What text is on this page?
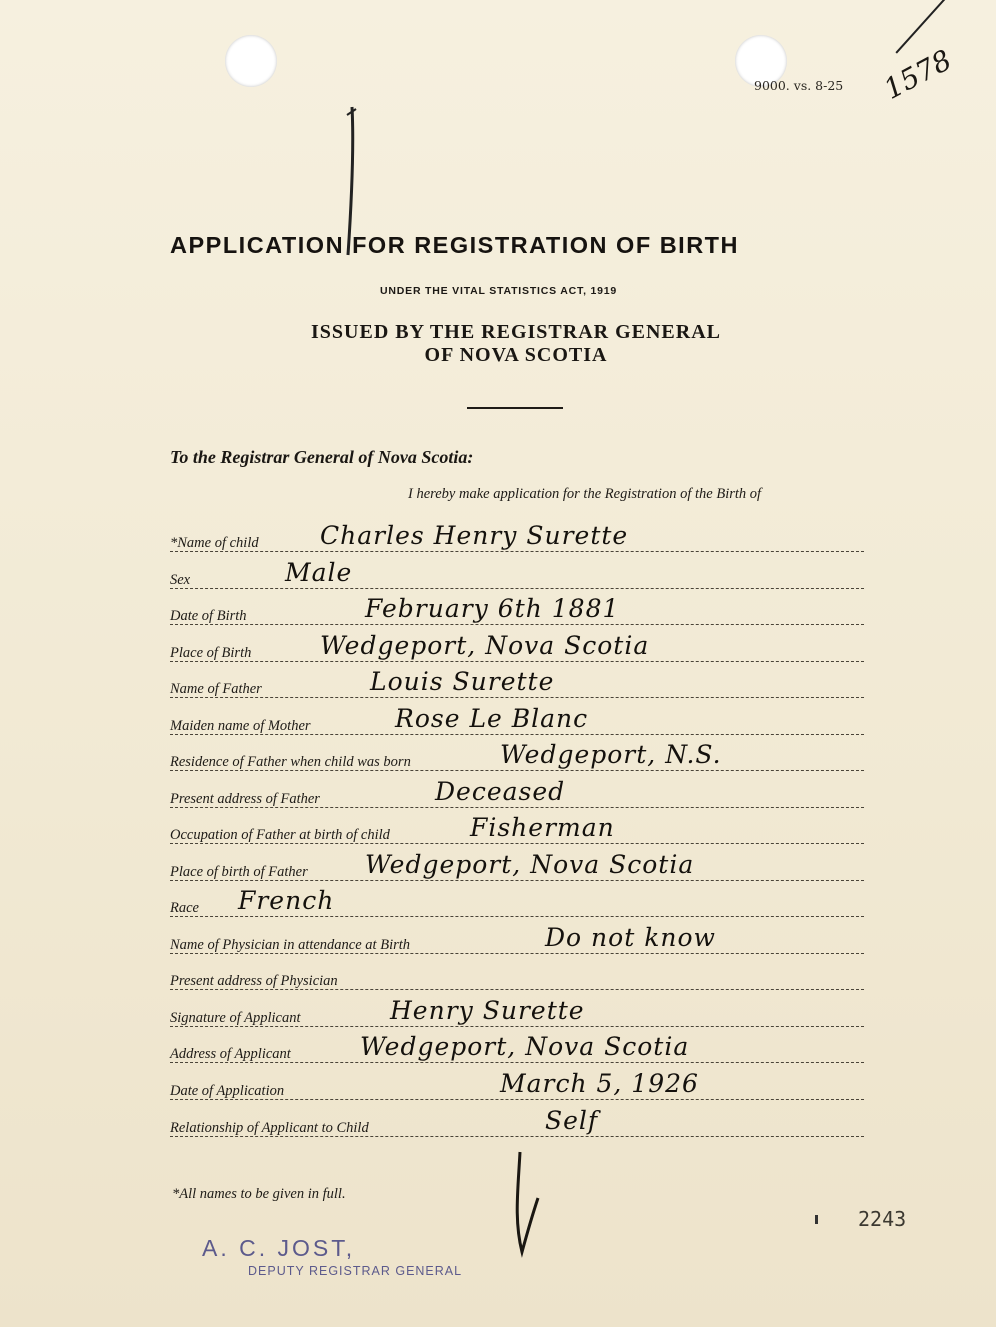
9000. vs. 8-25 1578
APPLICATION FOR REGISTRATION OF BIRTH
UNDER THE VITAL STATISTICS ACT, 1919
ISSUED BY THE REGISTRAR GENERAL
OF NOVA SCOTIA
To the Registrar General of Nova Scotia:
I hereby make application for the Registration of the Birth of
*Name of child Charles Henry Surette
Sex	Male
Date of Birth	February 6th 1881
Place of Birth	Wedgeport, Nova Scotia
Name of Father	Louis Surette
Maiden name of Mother	Rose Le Blanc
Residence of Father when child was born	Wedgeport, N.S.
Present address of Father	Deceased
Occupation of Father at birth of child	Fisherman
Place of birth of Father Wedgeport, Nova Scotia
Race French
Name of Physician in attendance at Birth	Do not know
Present address of Physician
Signature of Applicant	Henry Surette
Address of Applicant	Wedgeport, Nova Scotia
Date of Application	March 5, 1926
Relationship of Applicant to Child	Self
*All names to be given in full.
A. C. JOST,
DEPUTY REGISTRAR GENERAL
2243
